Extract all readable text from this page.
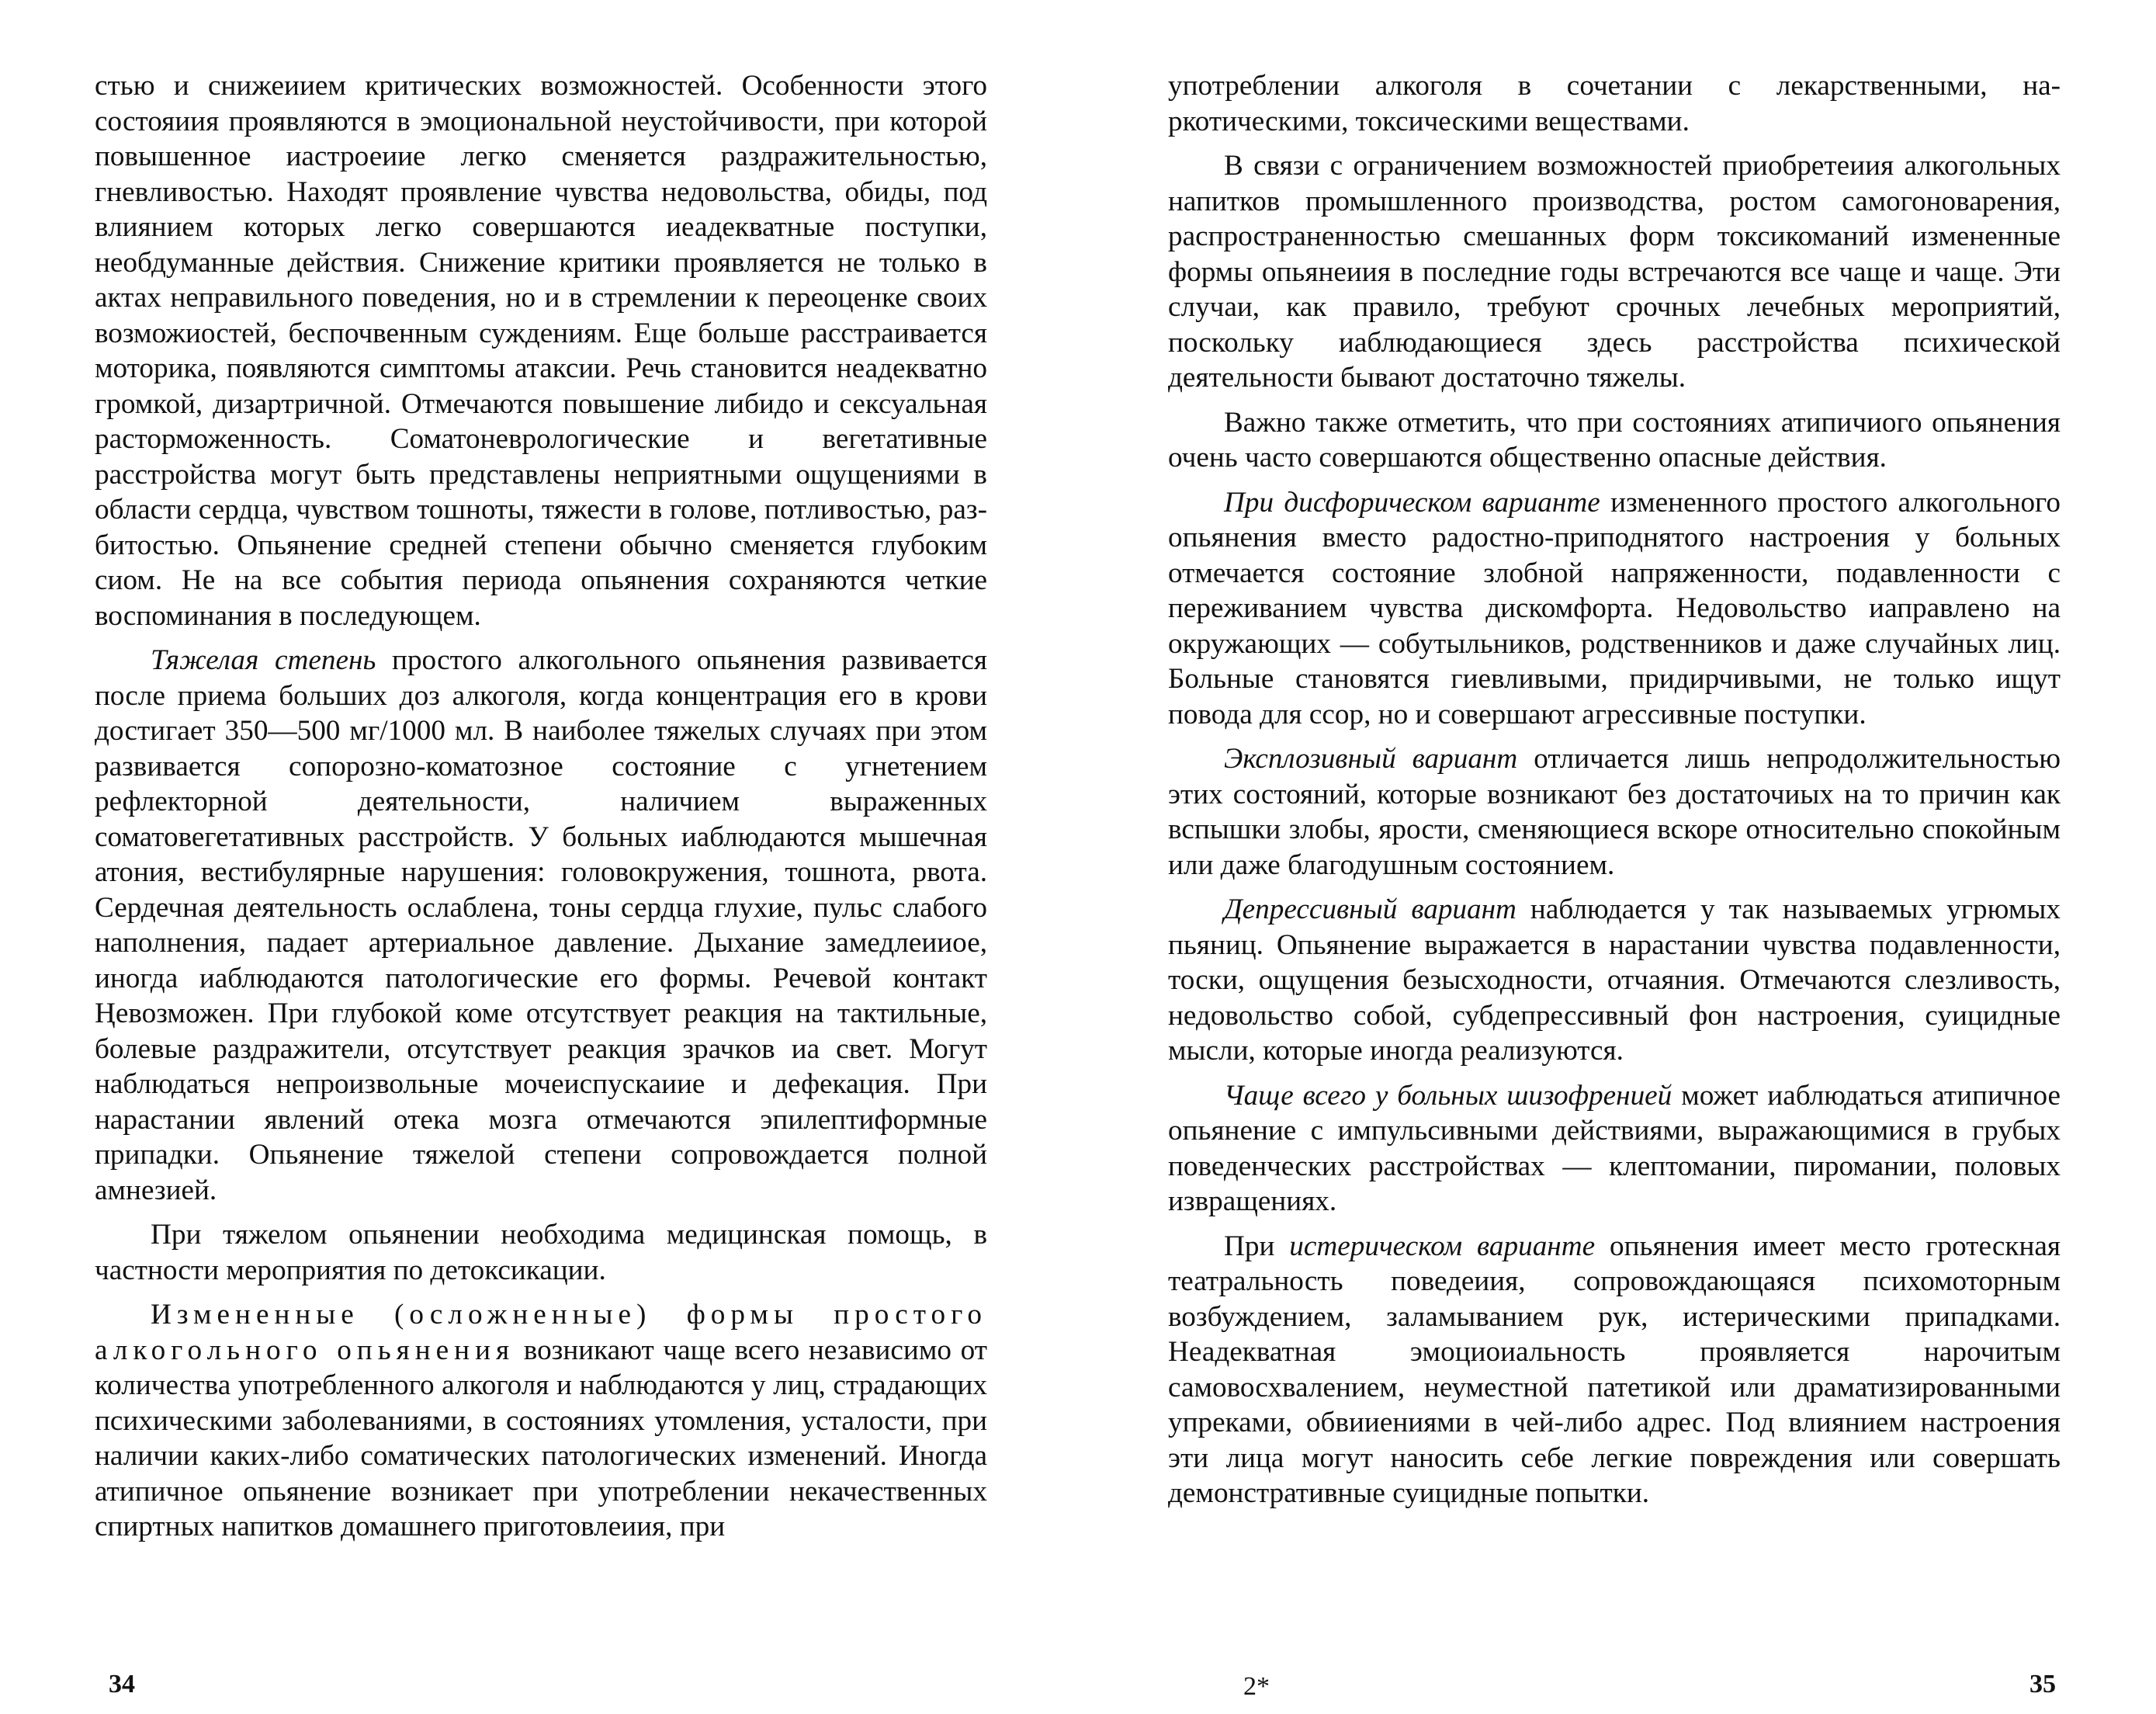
стью и снижеиием критических возможностей. Особенности этого состояиия проявляются в эмоциональной неустойчивости, при которой повышенное иастроеиие легко сменяется раздражительностью, гневливостью. Находят проявление чувства недовольства, обиды, под влиянием которых легко совершаются иеадекватные поступки, необдуманные действия. Снижение критики проявляется не только в актах неправильного поведения, но и в стремлении к переоценке своих возможиостей, беспочвенным суждениям. Еще больше расстраивается моторика, появляются симптомы атаксии. Речь становится неадекватно громкой, дизартричной. Отмечаются повышение либидо и сексуальная расторможенность. Соматоневрологические и вегетативные расстройства могут быть представлены неприятными ощущениями в области сердца, чувством тошноты, тяжести в голове, потливостью, разбитостью. Опьянение средней степени обычно сменяется глубоким сиом. Не на все события периода опьянения сохраняются четкие воспоминания в последующем.

Тяжелая степень простого алкогольного опьянения развивается после приема больших доз алкоголя, когда концентрация его в крови достигает 350—500 мг/1000 мл. В наиболее тяжелых случаях при этом развивается сопорозно-коматозное состояние с угнетением рефлекторной деятельности, наличием выраженных соматовегетативных расстройств. У больных иаблюдаются мышечная атония, вестибулярные нарушения: головокружения, тошнота, рвота. Сердечная деятельность ослаблена, тоны сердца глухие, пульс слабого наполнения, падает артериальное давление. Дыхание замедлеииое, иногда иаблюдаются патологические его формы. Речевой контакт Ңевозможен. При глубокой коме отсутствует реакция на тактильные, болевые раздражители, отсутствует реакция зрачков иа свет. Могут наблюдаться непроизвольные мочеиспускаиие и дефекация. При нарастании явлений отека мозга отмечаются эпилептиформные припадки. Опьянение тяжелой степени сопровождается полной амнезией.

При тяжелом опьянении необходима медицинская помощь, в частности мероприятия по детоксикации.

Измененные (осложненные) формы простого алкогольного опьянения возникают чаще всего независимо от количества употребленного алкоголя и наблюдаются у лиц, страдающих психическими заболеваниями, в состояниях утомления, усталости, при наличии каких-либо соматических патологических изменений. Иногда атипичное опьянение возникает при употреблении некачественных спиртных напитков домашнего приготовлеиия, при

34

употреблении алкоголя в сочетании с лекарственными, наркотическими, токсическими веществами.

В связи с ограничением возможностей приобретеиия алкогольных напитков промышленного производства, ростом самогоноварения, распространенностью смешанных форм токсикоманий измененные формы опьянеиия в последние годы встречаются все чаще и чаще. Эти случаи, как правило, требуют срочных лечебных мероприятий, поскольку иаблюдающиеся здесь расстройства психической деятельности бывают достаточно тяжелы.

Важно также отметить, что при состояниях атипичиого опьянения очень часто совершаются общественно опасные действия.

При дисфорическом варианте измененного простого алкогольного опьянения вместо радостно-приподнятого настроения у больных отмечается состояние злобной напряженности, подавленности с переживанием чувства дискомфорта. Недовольство иаправлено на окружающих — собутыльников, родственников и даже случайных лиц. Больные становятся гиевливыми, придирчивыми, не только ищут повода для ссор, но и совершают агрессивные поступки.

Эксплозивный вариант отличается лишь непродолжительностью этих состояний, которые возникают без достаточиых на то причин как вспышки злобы, ярости, сменяющиеся вскоре относительно спокойным или даже благодушным состоянием.

Депрессивный вариант наблюдается у так называемых угрюмых пьяниц. Опьянение выражается в нарастании чувства подавленности, тоски, ощущения безысходности, отчаяния. Отмечаются слезливость, недовольство собой, субдепрессивный фон настроения, суицидные мысли, которые иногда реализуются.

Чаще всего у больных шизофренией может иаблюдаться атипичное опьянение с импульсивными действиями, выражающимися в грубых поведенческих расстройствах — клептомании, пиромании, половых извращениях.

При истерическом варианте опьянения имеет место гротескная театральность поведеиия, сопровождающаяся психомоторным возбуждением, заламыванием рук, истерическими припадками. Неадекватная эмоциоиальность проявляется нарочитым самовосхвалением, неуместной патетикой или драматизированными упреками, обвииениями в чей-либо адрес. Под влиянием настроения эти лица могут наносить себе легкие повреждения или совершать демонстративные суицидные попытки.

2*	35
